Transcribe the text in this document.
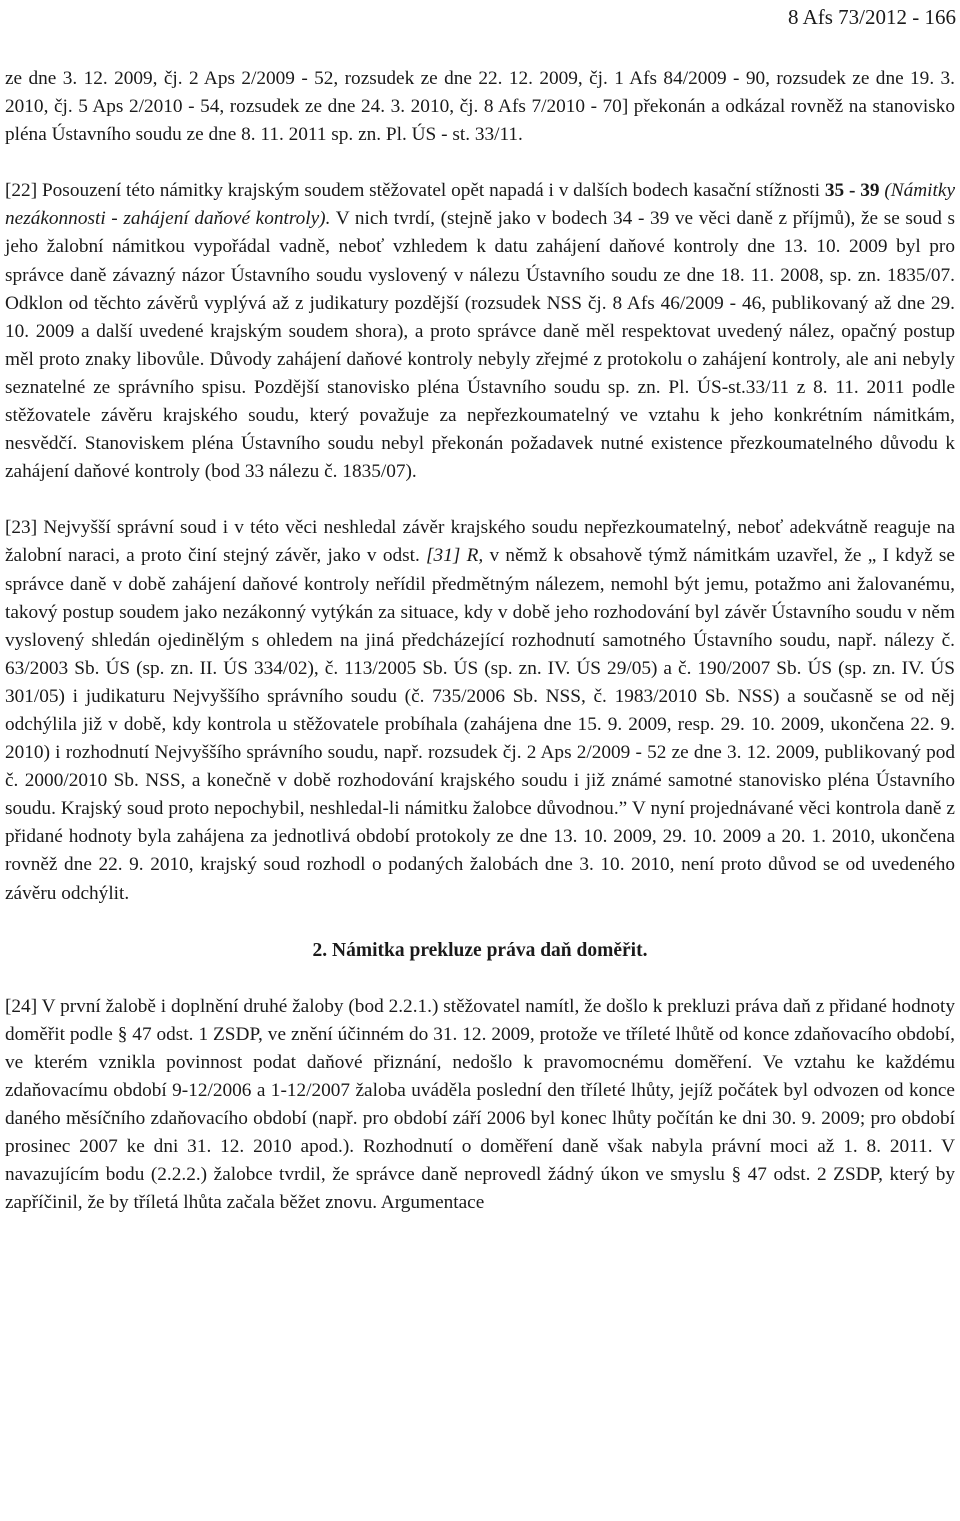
8 Afs 73/2012 - 166

ze dne 3. 12. 2009, čj. 2 Aps 2/2009 - 52, rozsudek ze dne 22. 12. 2009, čj. 1 Afs 84/2009 - 90, rozsudek ze dne 19. 3. 2010, čj. 5 Aps 2/2010 - 54, rozsudek ze dne 24. 3. 2010, čj. 8 Afs 7/2010 - 70] překonán a odkázal rovněž na stanovisko pléna Ústavního soudu ze dne 8. 11. 2011 sp. zn. Pl. ÚS - st. 33/11.

[22] Posouzení této námitky krajským soudem stěžovatel opět napadá i v dalších bodech kasační stížnosti 35 - 39 (Námitky nezákonnosti - zahájení daňové kontroly). V nich tvrdí, (stejně jako v bodech 34 - 39 ve věci daně z příjmů), že se soud s jeho žalobní námitkou vypořádal vadně, neboť vzhledem k datu zahájení daňové kontroly dne 13. 10. 2009 byl pro správce daně závazný názor Ústavního soudu vyslovený v nálezu Ústavního soudu ze dne 18. 11. 2008, sp. zn. 1835/07. Odklon od těchto závěrů vyplývá až z judikatury pozdější (rozsudek NSS čj. 8 Afs 46/2009 - 46, publikovaný až dne 29. 10. 2009 a další uvedené krajským soudem shora), a proto správce daně měl respektovat uvedený nález, opačný postup měl proto znaky libovůle. Důvody zahájení daňové kontroly nebyly zřejmé z protokolu o zahájení kontroly, ale ani nebyly seznatelné ze správního spisu. Pozdější stanovisko pléna Ústavního soudu sp. zn. Pl. ÚS-st.33/11 z 8. 11. 2011 podle stěžovatele závěru krajského soudu, který považuje za nepřezkoumatelný ve vztahu k jeho konkrétním námitkám, nesvědčí. Stanoviskem pléna Ústavního soudu nebyl překonán požadavek nutné existence přezkoumatelného důvodu k zahájení daňové kontroly (bod 33 nálezu č. 1835/07).

[23] Nejvyšší správní soud i v této věci neshledal závěr krajského soudu nepřezkoumatelný, neboť adekvátně reaguje na žalobní naraci, a proto činí stejný závěr, jako v odst. [31] R, v němž k obsahově týmž námitkám uzavřel, že „ I když se správce daně v době zahájení daňové kontroly neřídil předmětným nálezem, nemohl být jemu, potažmo ani žalovanému, takový postup soudem jako nezákonný vytýkán za situace, kdy v době jeho rozhodování byl závěr Ústavního soudu v něm vyslovený shledán ojedinělým s ohledem na jiná předcházející rozhodnutí samotného Ústavního soudu, např. nálezy č. 63/2003 Sb. ÚS (sp. zn. II. ÚS 334/02), č. 113/2005 Sb. ÚS (sp. zn. IV. ÚS 29/05) a č. 190/2007 Sb. ÚS (sp. zn. IV. ÚS 301/05) i judikaturu Nejvyššího správního soudu (č. 735/2006 Sb. NSS, č. 1983/2010 Sb. NSS) a současně se od něj odchýlila již v době, kdy kontrola u stěžovatele probíhala (zahájena dne 15. 9. 2009, resp. 29. 10. 2009, ukončena 22. 9. 2010) i rozhodnutí Nejvyššího správního soudu, např. rozsudek čj. 2 Aps 2/2009 - 52 ze dne 3. 12. 2009, publikovaný pod č. 2000/2010 Sb. NSS, a konečně v době rozhodování krajského soudu i již známé samotné stanovisko pléna Ústavního soudu. Krajský soud proto nepochybil, neshledal-li námitku žalobce důvodnou.” V nyní projednávané věci kontrola daně z přidané hodnoty byla zahájena za jednotlivá období protokoly ze dne 13. 10. 2009, 29. 10. 2009 a 20. 1. 2010, ukončena rovněž dne 22. 9. 2010, krajský soud rozhodl o podaných žalobách dne 3. 10. 2010, není proto důvod se od uvedeného závěru odchýlit.

2. Námitka prekluze práva daň doměřit.

[24] V první žalobě i doplnění druhé žaloby (bod 2.2.1.) stěžovatel namítl, že došlo k prekluzi práva daň z přidané hodnoty doměřit podle § 47 odst. 1 ZSDP, ve znění účinném do 31. 12. 2009, protože ve tříleté lhůtě od konce zdaňovacího období, ve kterém vznikla povinnost podat daňové přiznání, nedošlo k pravomocnému doměření. Ve vztahu ke každému zdaňovacímu období 9-12/2006 a 1-12/2007 žaloba uváděla poslední den tříleté lhůty, jejíž počátek byl odvozen od konce daného měsíčního zdaňovacího období (např. pro období září 2006 byl konec lhůty počítán ke dni 30. 9. 2009; pro období prosinec 2007 ke dni 31. 12. 2010 apod.). Rozhodnutí o doměření daně však nabyla právní moci až 1. 8. 2011. V navazujícím bodu (2.2.2.) žalobce tvrdil, že správce daně neprovedl žádný úkon ve smyslu § 47 odst. 2 ZSDP, který by zapříčinil, že by tříletá lhůta začala běžet znovu. Argumentace
